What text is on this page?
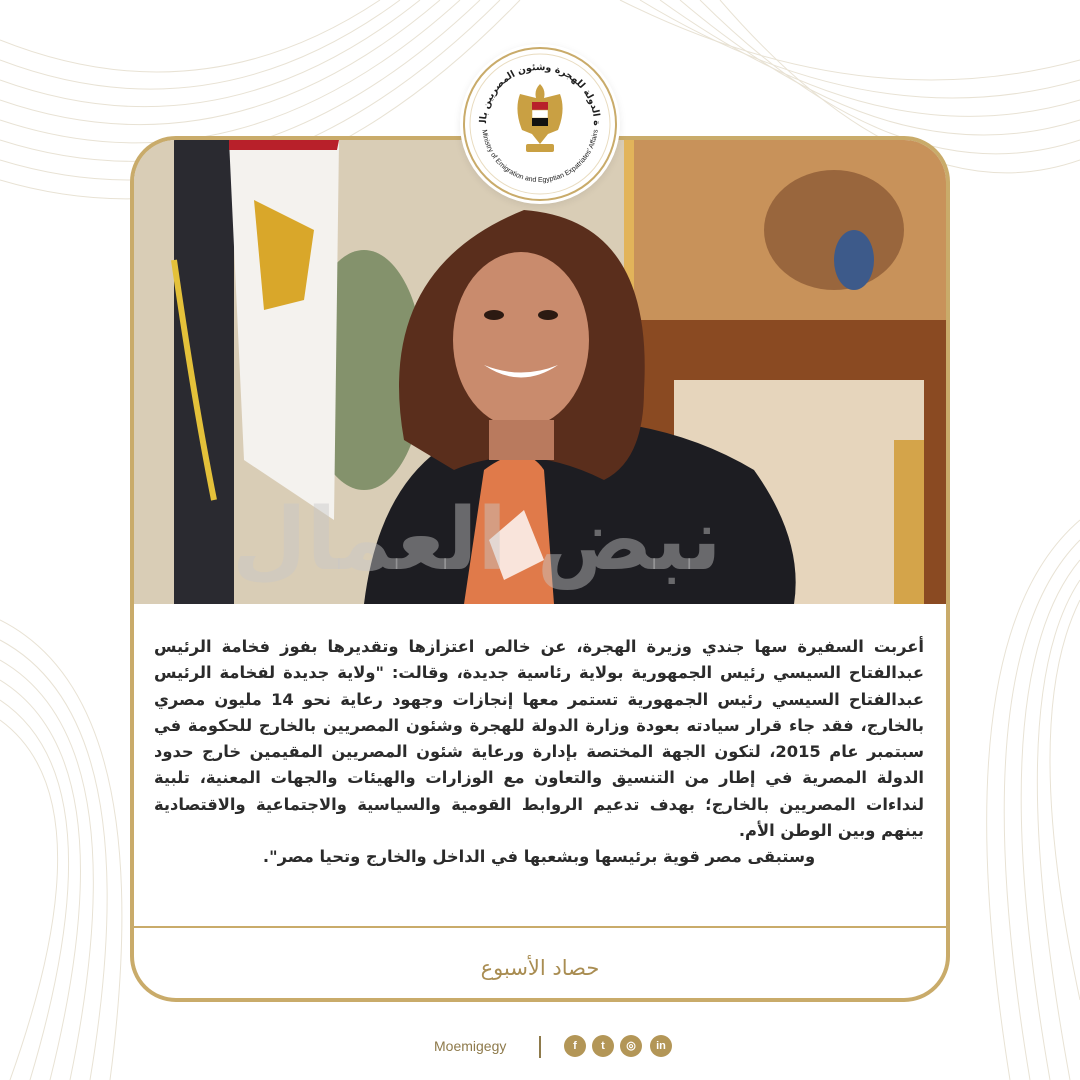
أعربت السفيرة سها جندي وزيرة الهجرة، عن خالص اعتزازها وتقديرها بفوز فخامة الرئيس عبدالفتاح السيسي رئيس الجمهورية بولاية رئاسية جديدة، وقالت: "ولاية جديدة لفخامة الرئيس عبدالفتاح السيسي رئيس الجمهورية تستمر معها إنجازات وجهود رعاية نحو 14 مليون مصري بالخارج، فقد جاء قرار سيادته بعودة وزارة الدولة للهجرة وشئون المصريين بالخارج للحكومة في سبتمبر عام 2015، لتكون الجهة المختصة بإدارة ورعاية شئون المصريين المقيمين خارج حدود الدولة المصرية في إطار من التنسيق والتعاون مع الوزارات والهيئات والجهات المعنية، تلبية لنداءات المصريين بالخارج؛ بهدف تدعيم الروابط القومية والسياسية والاجتماعية والاقتصادية بينهم وبين الوطن الأم.
وستبقى مصر قوية برئيسها وبشعبها في الداخل والخارج وتحيا مصر".
حصاد الأسبوع
نبض العمال
ة الدولة للهجرة وشئون المصريين بال
Ministry of Emigration and Egyptian Expatriates' Affairs
Moemigegy	f	t	◎	in
